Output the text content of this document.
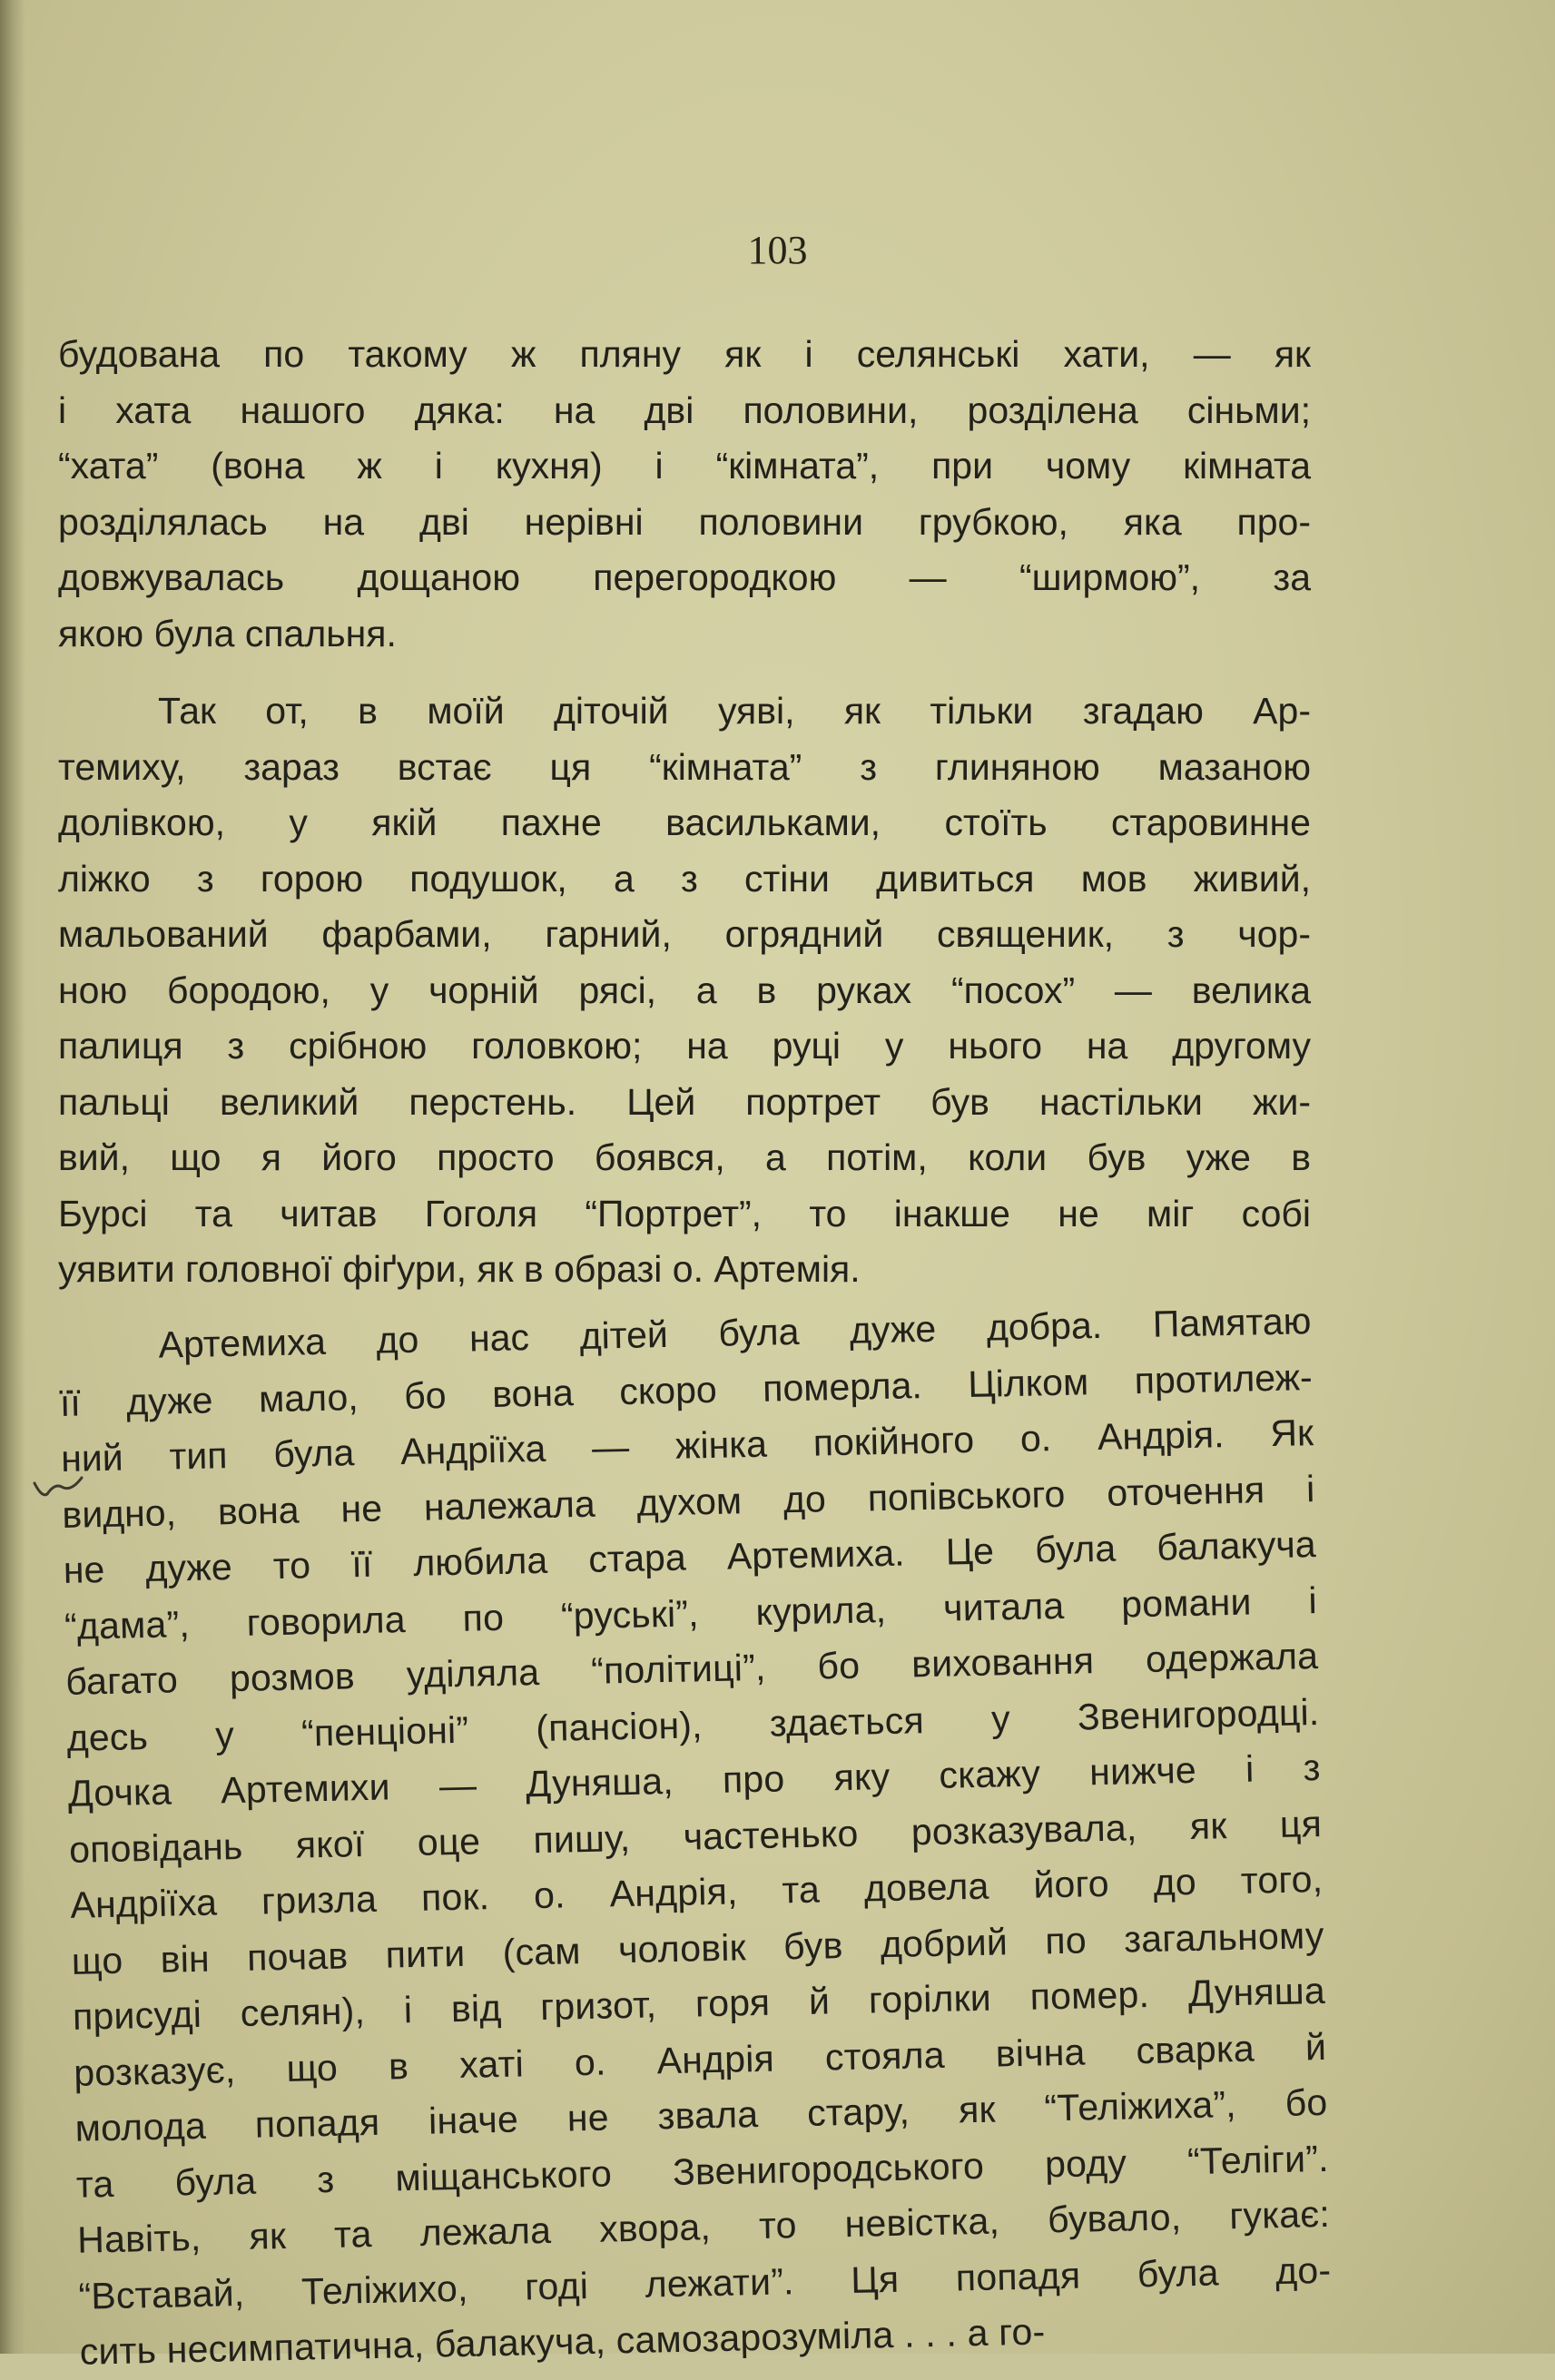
103

будована по такому ж пляну як і селянські хати, — як
і хата нашого дяка: на дві половини, розділена сіньми;
“хата” (вона ж і кухня) і “кімната”, при чому кімната
розділялась на дві нерівні половини грубкою, яка про-
довжувалась дощаною перегородкою — “ширмою”, за
якою була спальня.

Так от, в моїй діточій уяві, як тільки згадаю Ар-
темиху, зараз встає ця “кімната” з глиняною мазаною
долівкою, у якій пахне васильками, стоїть старовинне
ліжко з горою подушок, а з стіни дивиться мов живий,
мальований фарбами, гарний, огрядний священик, з чор-
ною бородою, у чорній рясі, а в руках “посох” — велика
палиця з срібною головкою; на руці у нього на другому
пальці великий перстень. Цей портрет був настільки жи-
вий, що я його просто боявся, а потім, коли був уже в
Бурсі та читав Гоголя “Портрет”, то інакше не міг собі
уявити головної фіґури, як в образі о. Артемія.

Артемиха до нас дітей була дуже добра. Памятаю
її дуже мало, бо вона скоро померла. Цілком протилеж-
ний тип була Андріїха — жінка покійного о. Андрія. Як
видно, вона не належала духом до попівського оточення і
не дуже то її любила стара Артемиха. Це була балакуча
“дама”, говорила по “руські”, курила, читала романи і
багато розмов уділяла “політиці”, бо виховання одержала
десь у “пенціоні” (пансіон), здається у Звенигородці.
Дочка Артемихи — Дуняша, про яку скажу нижче і з
оповідань якої оце пишу, частенько розказувала, як ця
Андріїха гризла пок. о. Андрія, та довела його до того,
що він почав пити (сам чоловік був добрий по загальному
присуді селян), і від гризот, горя й горілки помер. Дуняша
розказує, що в хаті о. Андрія стояла вічна сварка й
молода попадя іначе не звала стару, як “Теліжиха”, бо
та була з міщанського Звенигородського роду “Теліги”.
Навіть, як та лежала хвора, то невістка, бувало, гукає:
“Вставай, Теліжихо, годі лежати”. Ця попадя була до-
сить несимпатична, балакуча, самозарозуміла . . . а го-
